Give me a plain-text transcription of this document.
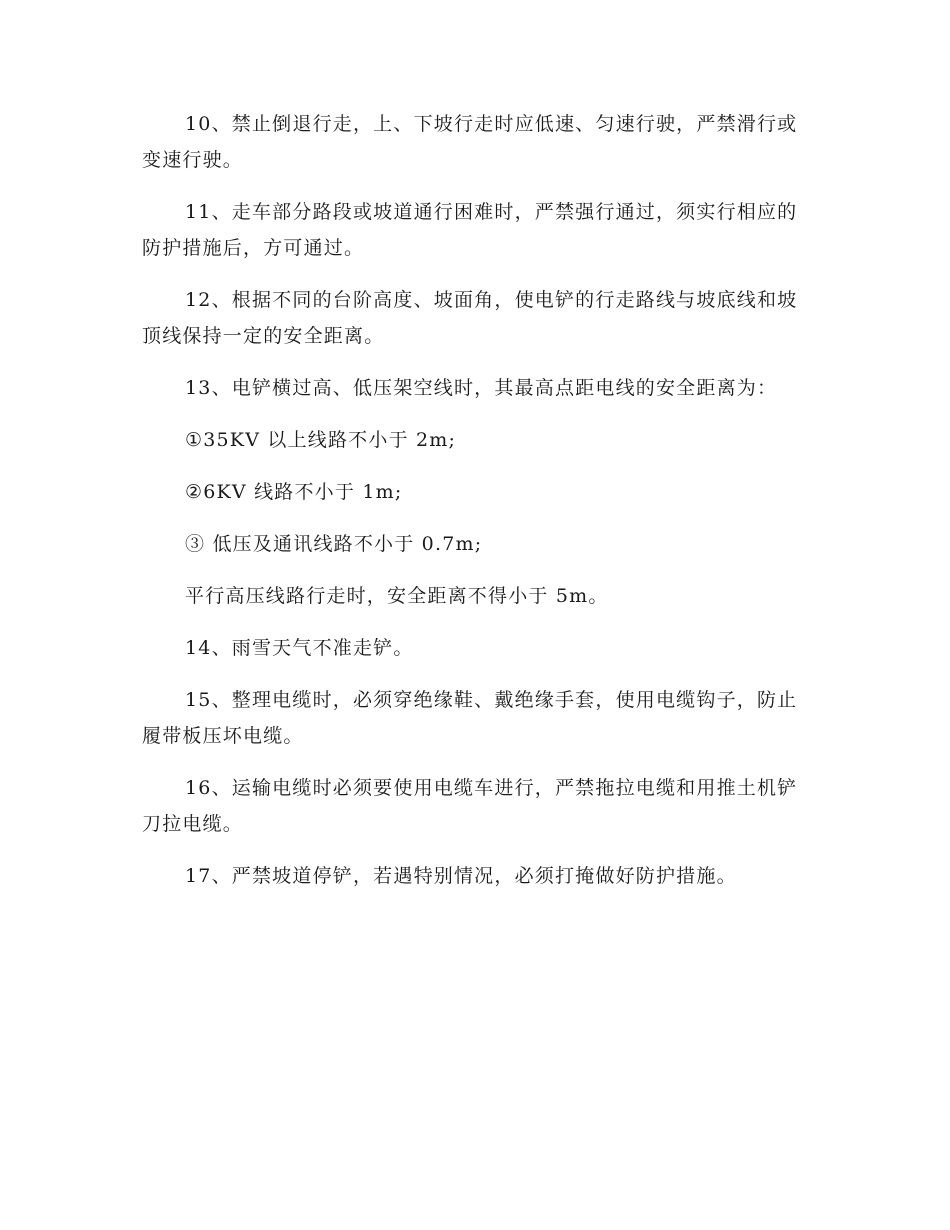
10、禁止倒退行走，上、下坡行走时应低速、匀速行驶，严禁滑行或变速行驶。

11、走车部分路段或坡道通行困难时，严禁强行通过，须实行相应的防护措施后，方可通过。

12、根据不同的台阶高度、坡面角，使电铲的行走路线与坡底线和坡顶线保持一定的安全距离。

13、电铲横过高、低压架空线时，其最高点距电线的安全距离为：

①35KV 以上线路不小于 2m;

②6KV 线路不小于 1m;

③ 低压及通讯线路不小于 0.7m;

平行高压线路行走时，安全距离不得小于 5m。

14、雨雪天气不准走铲。

15、整理电缆时，必须穿绝缘鞋、戴绝缘手套，使用电缆钩子，防止履带板压坏电缆。

16、运输电缆时必须要使用电缆车进行，严禁拖拉电缆和用推土机铲刀拉电缆。

17、严禁坡道停铲，若遇特别情况，必须打掩做好防护措施。
